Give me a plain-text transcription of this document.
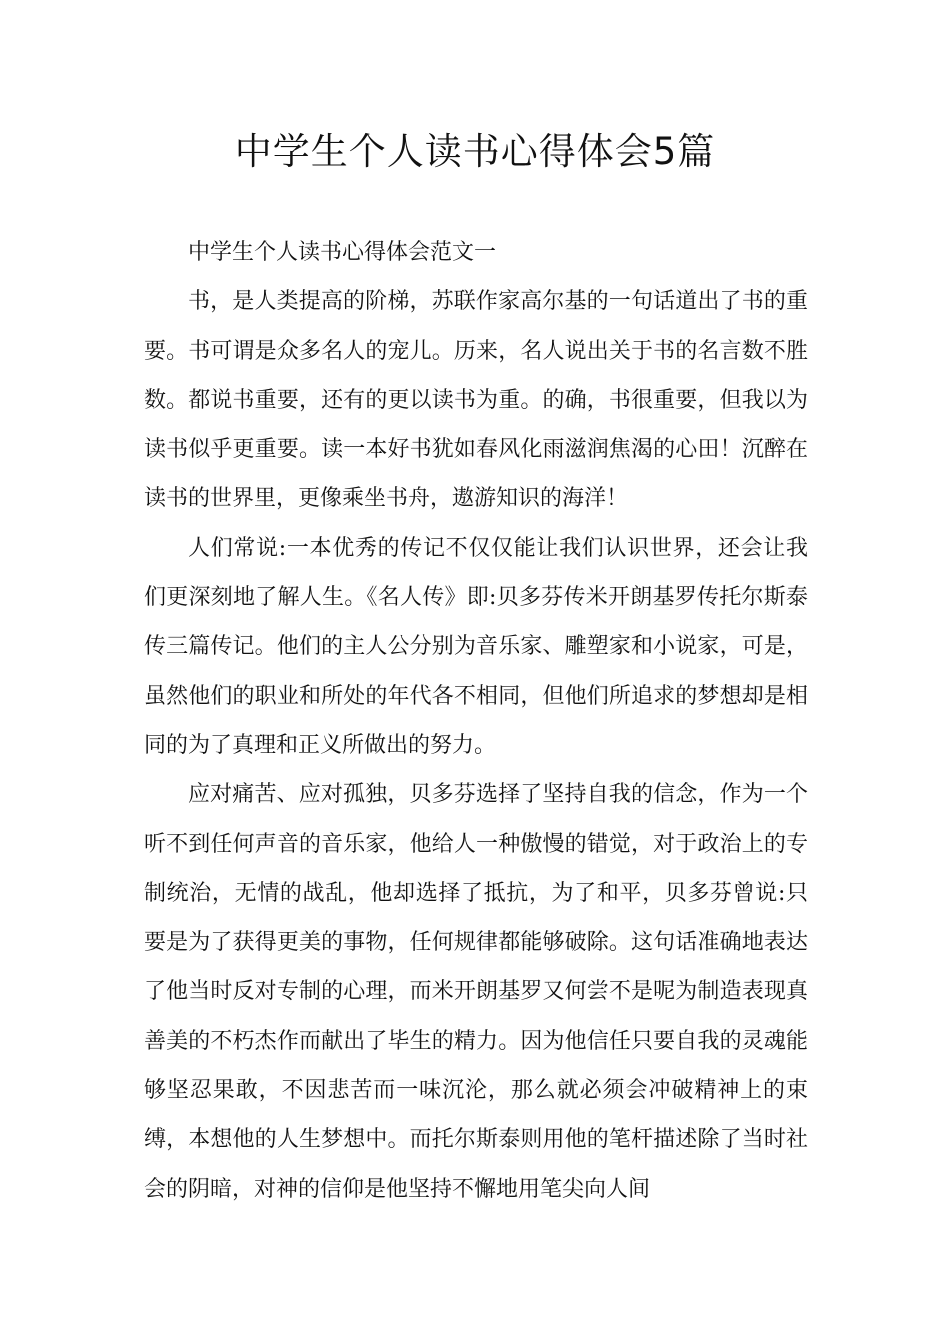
中学生个人读书心得体会5篇

中学生个人读书心得体会范文一

书，是人类提高的阶梯，苏联作家高尔基的一句话道出了书的重要。书可谓是众多名人的宠儿。历来，名人说出关于书的名言数不胜数。都说书重要，还有的更以读书为重。的确，书很重要，但我以为读书似乎更重要。读一本好书犹如春风化雨滋润焦渴的心田！沉醉在读书的世界里，更像乘坐书舟，遨游知识的海洋！

人们常说:一本优秀的传记不仅仅能让我们认识世界，还会让我们更深刻地了解人生。《名人传》即:贝多芬传米开朗基罗传托尔斯泰传三篇传记。他们的主人公分别为音乐家、雕塑家和小说家，可是，虽然他们的职业和所处的年代各不相同，但他们所追求的梦想却是相同的为了真理和正义所做出的努力。

应对痛苦、应对孤独，贝多芬选择了坚持自我的信念，作为一个听不到任何声音的音乐家，他给人一种傲慢的错觉，对于政治上的专制统治，无情的战乱，他却选择了抵抗，为了和平，贝多芬曾说:只要是为了获得更美的事物，任何规律都能够破除。这句话准确地表达了他当时反对专制的心理，而米开朗基罗又何尝不是呢为制造表现真善美的不朽杰作而献出了毕生的精力。因为他信任只要自我的灵魂能够坚忍果敢，不因悲苦而一味沉沦，那么就必须会冲破精神上的束缚，本想他的人生梦想中。而托尔斯泰则用他的笔杆描述除了当时社会的阴暗，对神的信仰是他坚持不懈地用笔尖向人间
